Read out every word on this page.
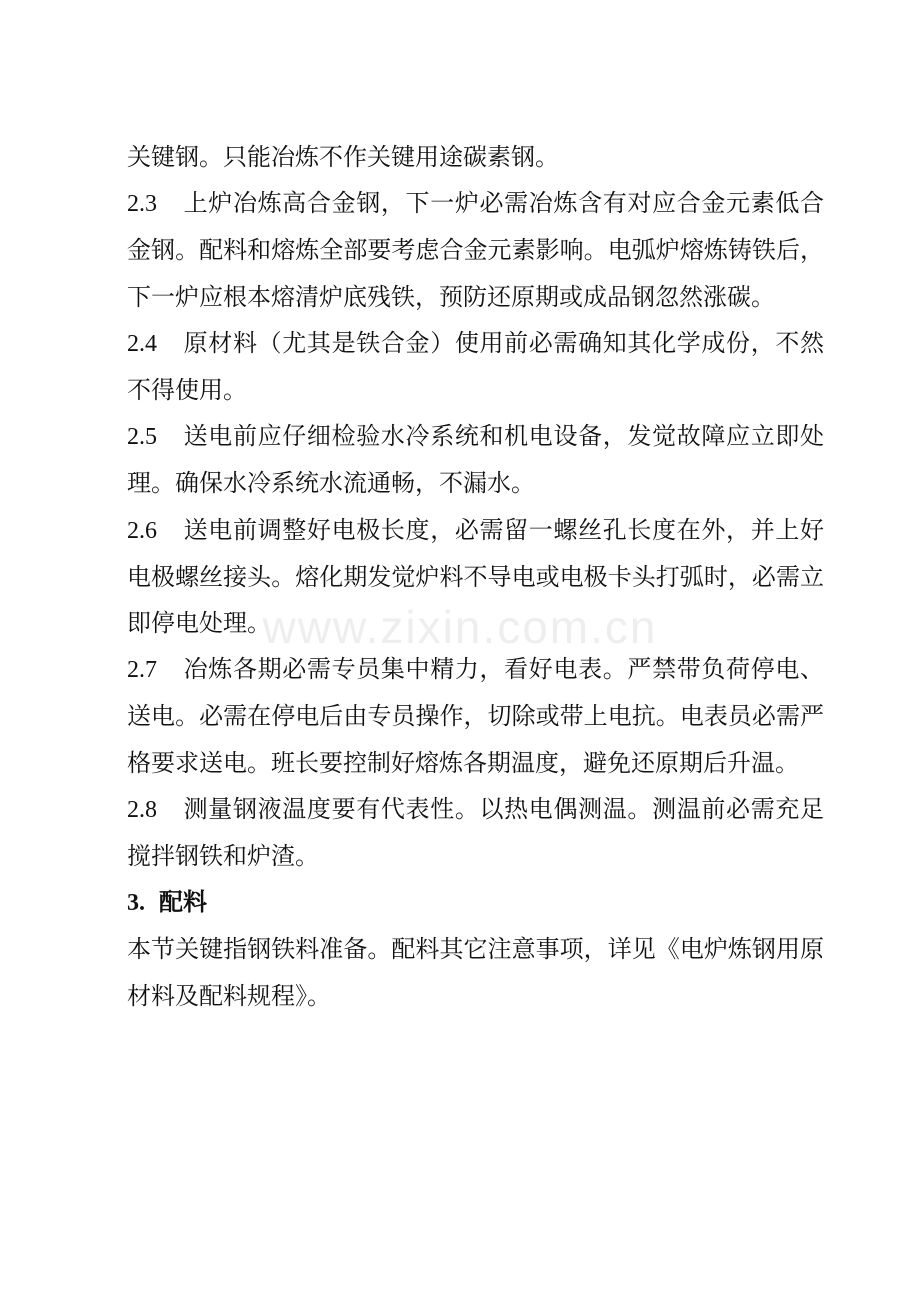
关键钢。只能冶炼不作关键用途碳素钢。

2.3 上炉冶炼高合金钢，下一炉必需冶炼含有对应合金元素低合金钢。配料和熔炼全部要考虑合金元素影响。电弧炉熔炼铸铁后，下一炉应根本熔清炉底残铁，预防还原期或成品钢忽然涨碳。

2.4 原材料（尤其是铁合金）使用前必需确知其化学成份，不然不得使用。

2.5 送电前应仔细检验水冷系统和机电设备，发觉故障应立即处理。确保水冷系统水流通畅，不漏水。

2.6 送电前调整好电极长度，必需留一螺丝孔长度在外，并上好电极螺丝接头。熔化期发觉炉料不导电或电极卡头打弧时，必需立即停电处理。

2.7 冶炼各期必需专员集中精力，看好电表。严禁带负荷停电、送电。必需在停电后由专员操作，切除或带上电抗。电表员必需严格要求送电。班长要控制好熔炼各期温度，避免还原期后升温。

2.8 测量钢液温度要有代表性。以热电偶测温。测温前必需充足搅拌钢铁和炉渣。

3. 配料

本节关键指钢铁料准备。配料其它注意事项，详见《电炉炼钢用原材料及配料规程》。

www.zixin.com.cn
